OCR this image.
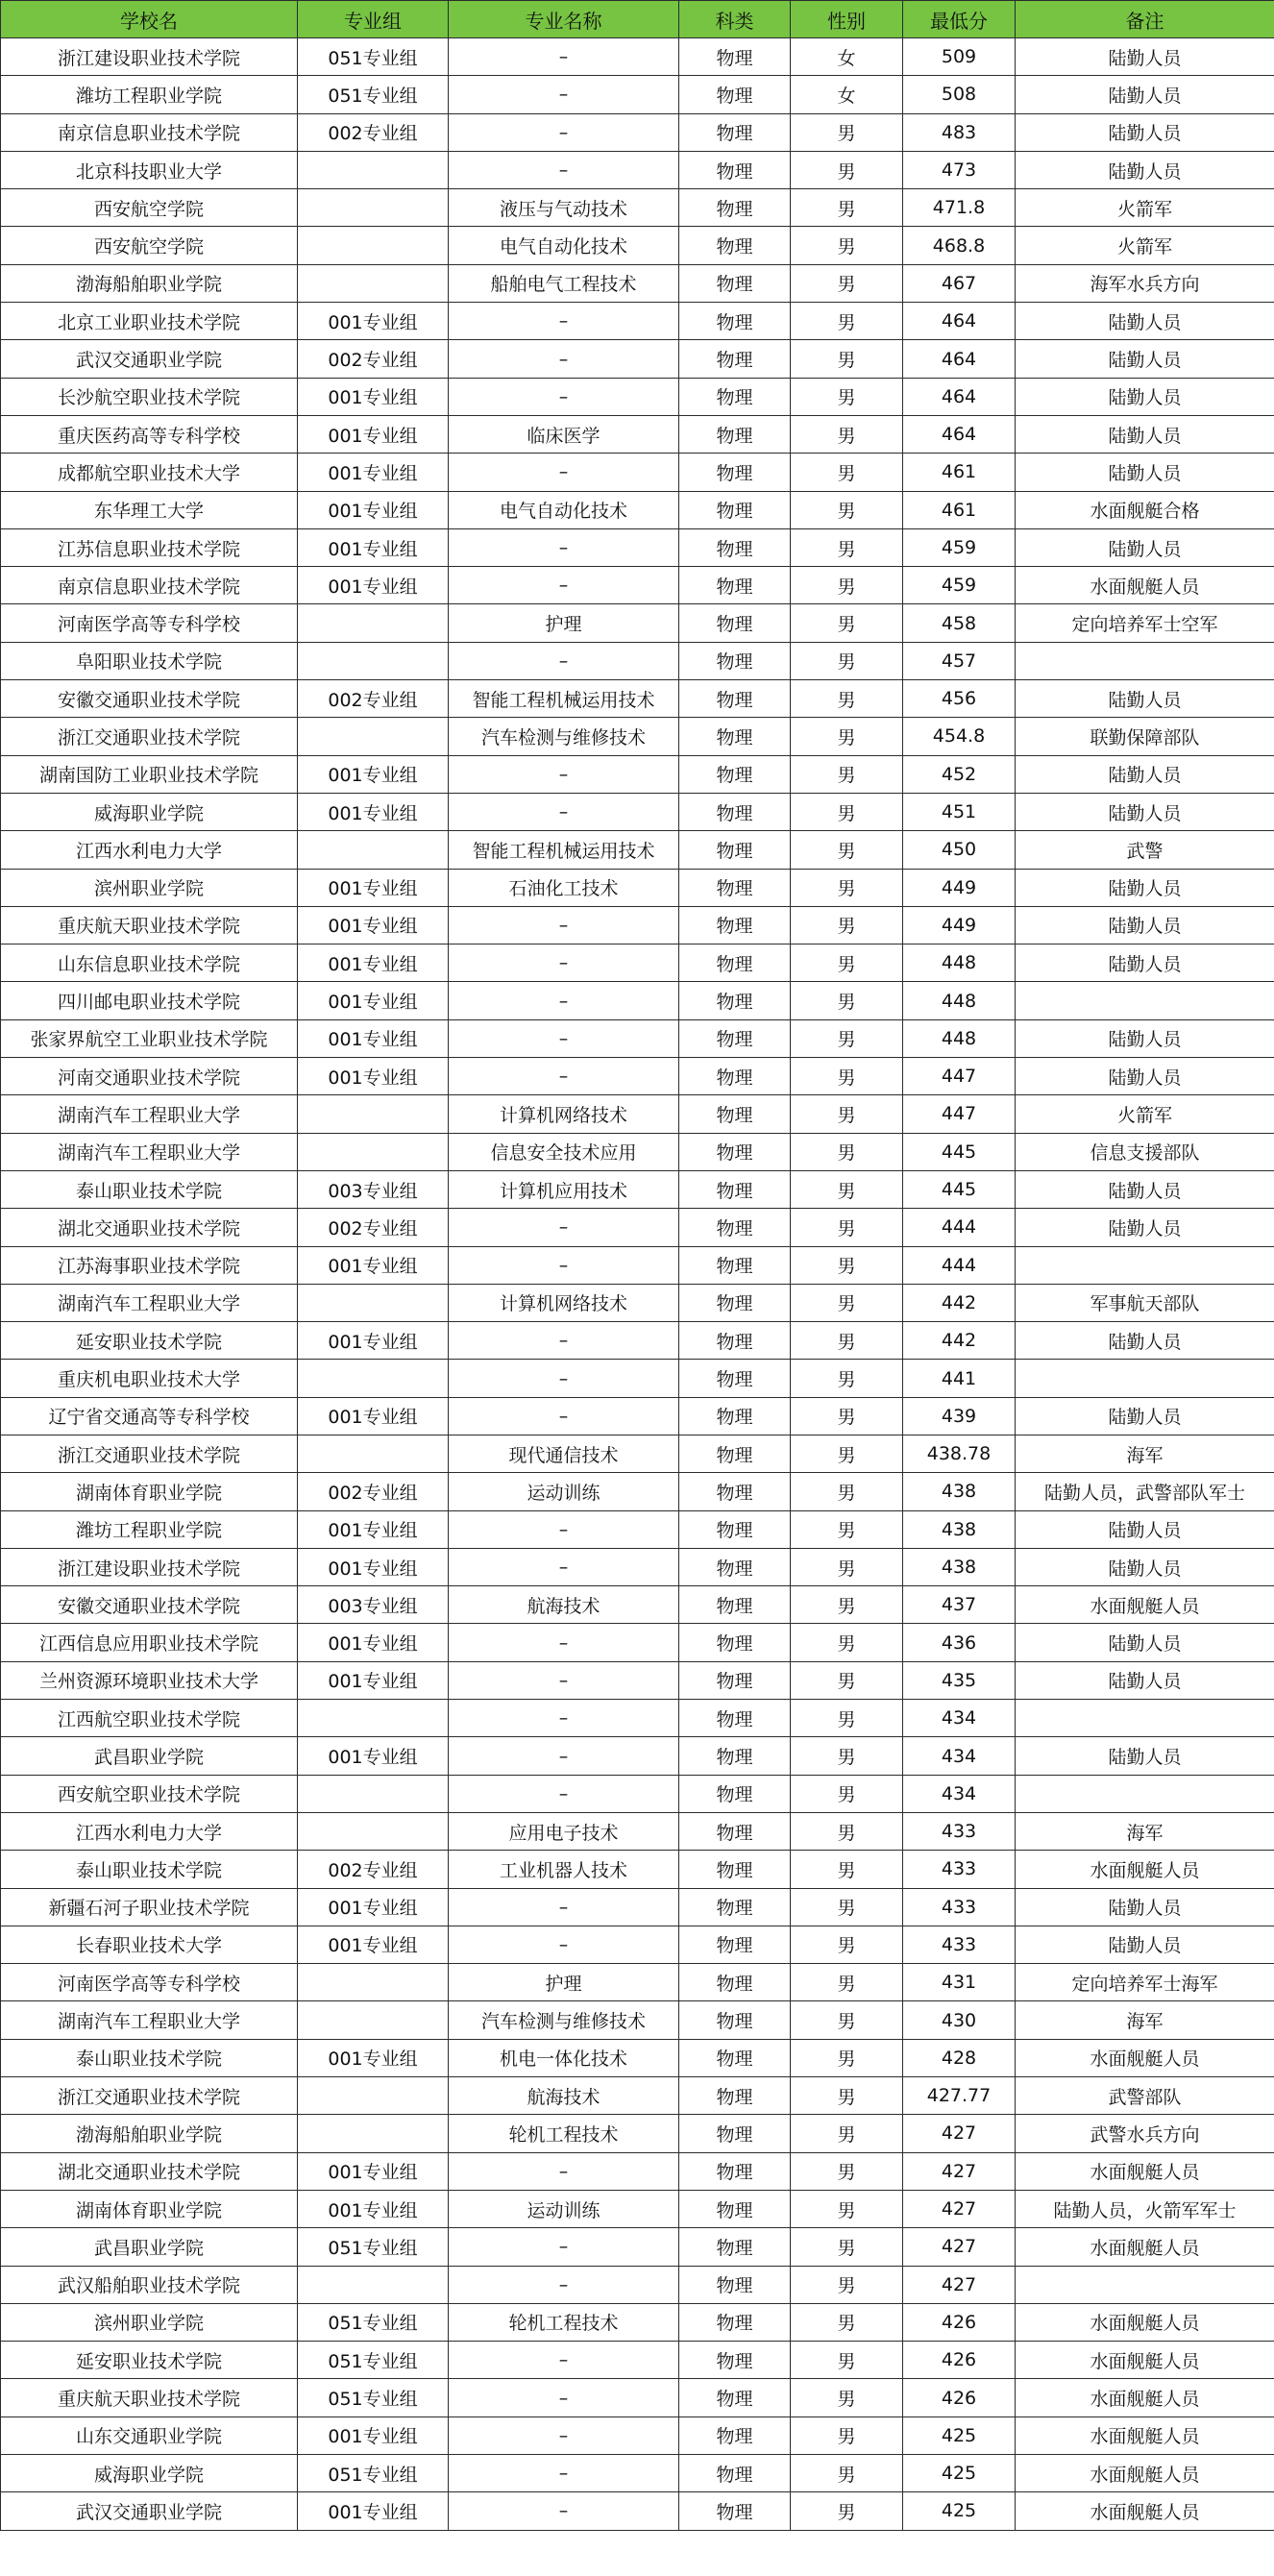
学校名	专业组	专业名称	科类	性别	最低分	备注
浙江建设职业技术学院	051专业组	–	物理	女	509	陆勤人员
潍坊工程职业学院	051专业组	–	物理	女	508	陆勤人员
南京信息职业技术学院	002专业组	–	物理	男	483	陆勤人员
北京科技职业大学		–	物理	男	473	陆勤人员
西安航空学院		液压与气动技术	物理	男	471.8	火箭军
西安航空学院		电气自动化技术	物理	男	468.8	火箭军
渤海船舶职业学院		船舶电气工程技术	物理	男	467	海军水兵方向
北京工业职业技术学院	001专业组	–	物理	男	464	陆勤人员
武汉交通职业学院	002专业组	–	物理	男	464	陆勤人员
长沙航空职业技术学院	001专业组	–	物理	男	464	陆勤人员
重庆医药高等专科学校	001专业组	临床医学	物理	男	464	陆勤人员
成都航空职业技术大学	001专业组	–	物理	男	461	陆勤人员
东华理工大学	001专业组	电气自动化技术	物理	男	461	水面舰艇合格
江苏信息职业技术学院	001专业组	–	物理	男	459	陆勤人员
南京信息职业技术学院	001专业组	–	物理	男	459	水面舰艇人员
河南医学高等专科学校		护理	物理	男	458	定向培养军士空军
阜阳职业技术学院		–	物理	男	457	
安徽交通职业技术学院	002专业组	智能工程机械运用技术	物理	男	456	陆勤人员
浙江交通职业技术学院		汽车检测与维修技术	物理	男	454.8	联勤保障部队
湖南国防工业职业技术学院	001专业组	–	物理	男	452	陆勤人员
威海职业学院	001专业组	–	物理	男	451	陆勤人员
江西水利电力大学		智能工程机械运用技术	物理	男	450	武警
滨州职业学院	001专业组	石油化工技术	物理	男	449	陆勤人员
重庆航天职业技术学院	001专业组	–	物理	男	449	陆勤人员
山东信息职业技术学院	001专业组	–	物理	男	448	陆勤人员
四川邮电职业技术学院	001专业组	–	物理	男	448	
张家界航空工业职业技术学院	001专业组	–	物理	男	448	陆勤人员
河南交通职业技术学院	001专业组	–	物理	男	447	陆勤人员
湖南汽车工程职业大学		计算机网络技术	物理	男	447	火箭军
湖南汽车工程职业大学		信息安全技术应用	物理	男	445	信息支援部队
泰山职业技术学院	003专业组	计算机应用技术	物理	男	445	陆勤人员
湖北交通职业技术学院	002专业组	–	物理	男	444	陆勤人员
江苏海事职业技术学院	001专业组	–	物理	男	444	
湖南汽车工程职业大学		计算机网络技术	物理	男	442	军事航天部队
延安职业技术学院	001专业组	–	物理	男	442	陆勤人员
重庆机电职业技术大学		–	物理	男	441	
辽宁省交通高等专科学校	001专业组	–	物理	男	439	陆勤人员
浙江交通职业技术学院		现代通信技术	物理	男	438.78	海军
湖南体育职业学院	002专业组	运动训练	物理	男	438	陆勤人员，武警部队军士
潍坊工程职业学院	001专业组	–	物理	男	438	陆勤人员
浙江建设职业技术学院	001专业组	–	物理	男	438	陆勤人员
安徽交通职业技术学院	003专业组	航海技术	物理	男	437	水面舰艇人员
江西信息应用职业技术学院	001专业组	–	物理	男	436	陆勤人员
兰州资源环境职业技术大学	001专业组	–	物理	男	435	陆勤人员
江西航空职业技术学院		–	物理	男	434	
武昌职业学院	001专业组	–	物理	男	434	陆勤人员
西安航空职业技术学院		–	物理	男	434	
江西水利电力大学		应用电子技术	物理	男	433	海军
泰山职业技术学院	002专业组	工业机器人技术	物理	男	433	水面舰艇人员
新疆石河子职业技术学院	001专业组	–	物理	男	433	陆勤人员
长春职业技术大学	001专业组	–	物理	男	433	陆勤人员
河南医学高等专科学校		护理	物理	男	431	定向培养军士海军
湖南汽车工程职业大学		汽车检测与维修技术	物理	男	430	海军
泰山职业技术学院	001专业组	机电一体化技术	物理	男	428	水面舰艇人员
浙江交通职业技术学院		航海技术	物理	男	427.77	武警部队
渤海船舶职业学院		轮机工程技术	物理	男	427	武警水兵方向
湖北交通职业技术学院	001专业组	–	物理	男	427	水面舰艇人员
湖南体育职业学院	001专业组	运动训练	物理	男	427	陆勤人员，火箭军军士
武昌职业学院	051专业组	–	物理	男	427	水面舰艇人员
武汉船舶职业技术学院		–	物理	男	427	
滨州职业学院	051专业组	轮机工程技术	物理	男	426	水面舰艇人员
延安职业技术学院	051专业组	–	物理	男	426	水面舰艇人员
重庆航天职业技术学院	051专业组	–	物理	男	426	水面舰艇人员
山东交通职业学院	001专业组	–	物理	男	425	水面舰艇人员
威海职业学院	051专业组	–	物理	男	425	水面舰艇人员
武汉交通职业学院	001专业组	–	物理	男	425	水面舰艇人员
